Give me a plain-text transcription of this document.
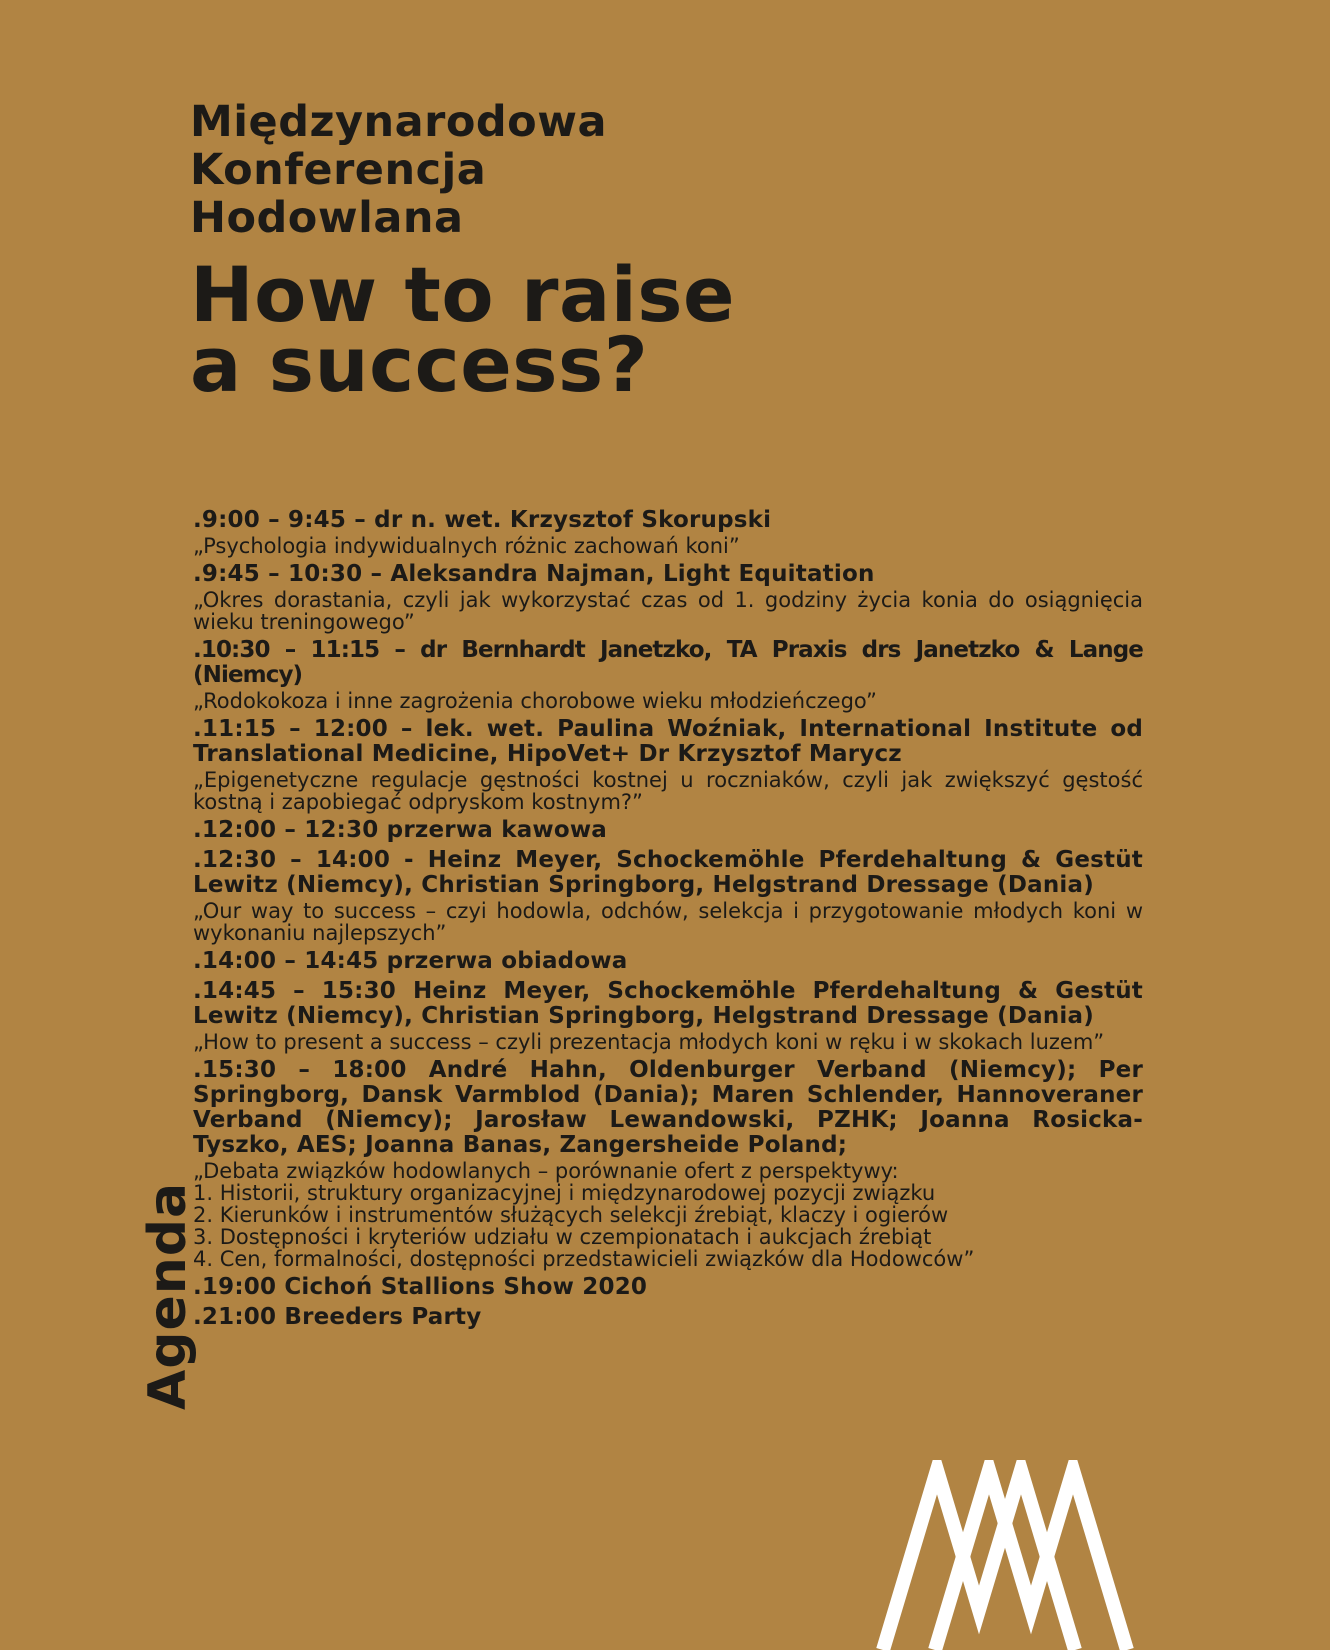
Międzynarodowa
Konferencja
Hodowlana
How to raise
a success?
Agenda
.9:00 – 9:45 – dr n. wet. Krzysztof Skorupski
„Psychologia indywidualnych różnic zachowań koni”
.9:45 – 10:30 – Aleksandra Najman, Light Equitation
„Okres dorastania, czyli jak wykorzystać czas od 1. godziny życia konia do osiągnięcia wieku treningowego”
.10:30 – 11:15 – dr Bernhardt Janetzko, TA Praxis drs Janetzko & Lange (Niemcy)
„Rodokokoza i inne zagrożenia chorobowe wieku młodzieńczego”
.11:15 – 12:00 – lek. wet. Paulina Woźniak, International Institute od Translational Medicine, HipoVet+ Dr Krzysztof Marycz
„Epigenetyczne regulacje gęstności kostnej u roczniaków, czyli jak zwiększyć gęstość kostną i zapobiegać odpryskom kostnym?”
.12:00 – 12:30 przerwa kawowa
.12:30 – 14:00 - Heinz Meyer, Schockemöhle Pferdehaltung & Gestüt Lewitz (Niemcy), Christian Springborg, Helgstrand Dressage (Dania)
„Our way to success – czyi hodowla, odchów, selekcja i przygotowanie młodych koni w wykonaniu najlepszych”
.14:00 – 14:45 przerwa obiadowa
.14:45 – 15:30 Heinz Meyer, Schockemöhle Pferdehaltung & Gestüt Lewitz (Niemcy), Christian Springborg, Helgstrand Dressage (Dania)
„How to present a success – czyli prezentacja młodych koni w ręku i w skokach luzem”
.15:30 – 18:00 André Hahn, Oldenburger Verband (Niemcy); Per Springborg, Dansk Varmblod (Dania); Maren Schlender, Hannoveraner Verband (Niemcy); Jarosław Lewandowski, PZHK; Joanna Rosicka-Tyszko, AES; Joanna Banas, Zangersheide Poland;
„Debata związków hodowlanych – porównanie ofert z perspektywy:
1. Historii, struktury organizacyjnej i międzynarodowej pozycji związku
2. Kierunków i instrumentów służących selekcji źrebiąt, klaczy i ogierów
3. Dostępności i kryteriów udziału w czempionatach i aukcjach źrebiąt
4. Cen, formalności, dostępności przedstawicieli związków dla Hodowców”
.19:00 Cichoń Stallions Show 2020
.21:00 Breeders Party
